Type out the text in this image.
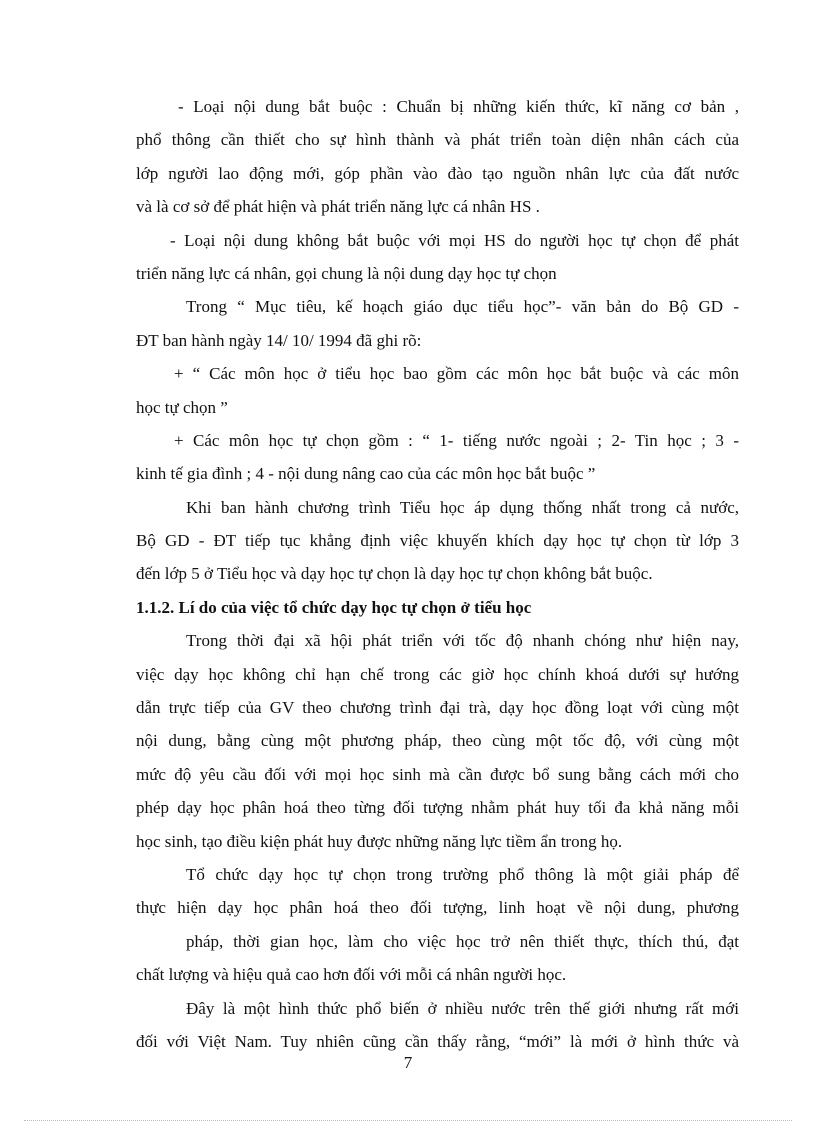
- Loại nội dung bắt buộc : Chuẩn bị những kiến thức, kĩ năng cơ bản ,

phổ thông cần thiết cho sự hình thành và phát triển toàn diện nhân cách của

lớp người lao động mới, góp phần vào đào tạo nguồn nhân lực của đất nước

và là cơ sở để phát hiện và phát triển năng lực cá nhân HS .

- Loại nội dung không bắt buộc với mọi HS do người học tự chọn để phát

triển năng lực cá nhân, gọi chung là nội dung dạy học tự chọn

Trong “ Mục tiêu, kế hoạch giáo dục tiểu học”- văn bản do Bộ GD -

ĐT ban hành ngày 14/ 10/ 1994 đã ghi rõ:

+ “ Các môn học ở tiểu học bao gồm các môn học bắt buộc và các môn

học tự chọn ”

+ Các môn học tự chọn gồm : “ 1- tiếng nước ngoài ; 2- Tin học ; 3 -

kinh tế gia đình ; 4 - nội dung nâng cao của các môn học bắt buộc ”

Khi ban hành chương trình Tiểu học áp dụng thống nhất trong cả nước,

Bộ GD - ĐT tiếp tục khẳng định việc khuyến khích dạy học tự chọn từ lớp 3

đến lớp 5 ở Tiểu học và dạy học tự chọn là dạy học tự chọn không bắt buộc.

1.1.2. Lí do của việc tổ chức dạy học tự chọn ở tiểu học

Trong thời đại xã hội phát triển với tốc độ nhanh chóng như hiện nay,

việc dạy học không chỉ hạn chế trong các giờ học chính khoá dưới sự hướng

dẫn trực tiếp của GV theo chương trình đại trà, dạy học đồng loạt với cùng một

nội dung, bằng cùng một phương pháp, theo cùng một tốc độ, với cùng một

mức độ yêu cầu đối với mọi học sinh mà cần được bổ sung bằng cách mới cho

phép dạy học phân hoá theo từng đối tượng nhằm phát huy tối đa khả năng mỗi

học sinh, tạo điều kiện phát huy được những năng lực tiềm ẩn trong họ.

Tổ chức dạy học tự chọn trong trường phổ thông là một giải pháp để

thực hiện dạy học phân hoá theo đối tượng, linh hoạt về nội dung, phương

pháp, thời gian học, làm cho việc học trở nên thiết thực, thích thú, đạt

chất lượng và hiệu quả cao hơn đối với mỗi cá nhân người học.

Đây là một hình thức phổ biến ở nhiều nước trên thế giới nhưng rất mới

đối với Việt Nam. Tuy nhiên cũng cần thấy rằng, “mới” là mới ở hình thức và

7
